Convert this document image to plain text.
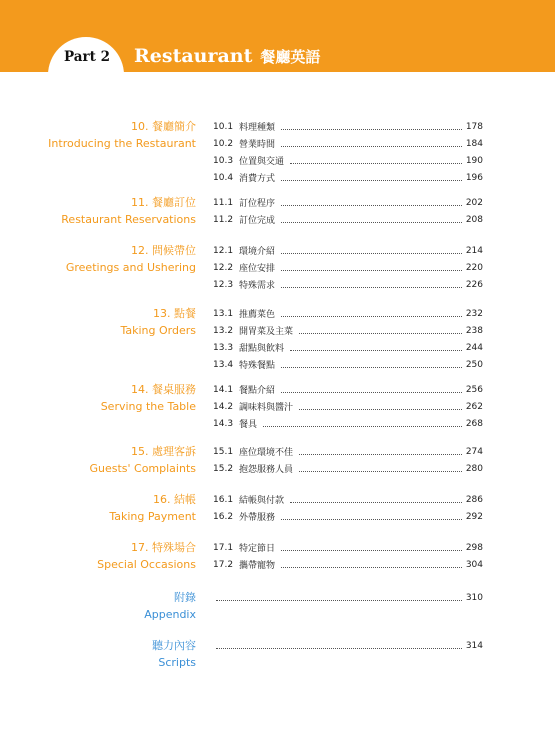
Part 2 Restaurant 餐廳英語
10. 餐廳簡介
Introducing the Restaurant
10.1 料理種類	178
10.2 營業時間	184
10.3 位置與交通	190
10.4 消費方式	196
11. 餐廳訂位
Restaurant Reservations
11.1 訂位程序	202
11.2 訂位完成	208
12. 問候帶位
Greetings and Ushering
12.1 環境介紹	214
12.2 座位安排	220
12.3 特殊需求	226
13. 點餐
Taking Orders
13.1 推薦菜色	232
13.2 開胃菜及主菜	238
13.3 甜點與飲料	244
13.4 特殊餐點	250
14. 餐桌服務
Serving the Table
14.1 餐點介紹	256
14.2 調味料與醬汁	262
14.3 餐具	268
15. 處理客訴
Guests' Complaints
15.1 座位環境不佳	274
15.2 抱怨服務人員	280
16. 結帳
Taking Payment
16.1 結帳與付款	286
16.2 外帶服務	292
17. 特殊場合
Special Occasions
17.1 特定節日	298
17.2 攜帶寵物	304
附錄
Appendix
310
聽力內容
Scripts
314
